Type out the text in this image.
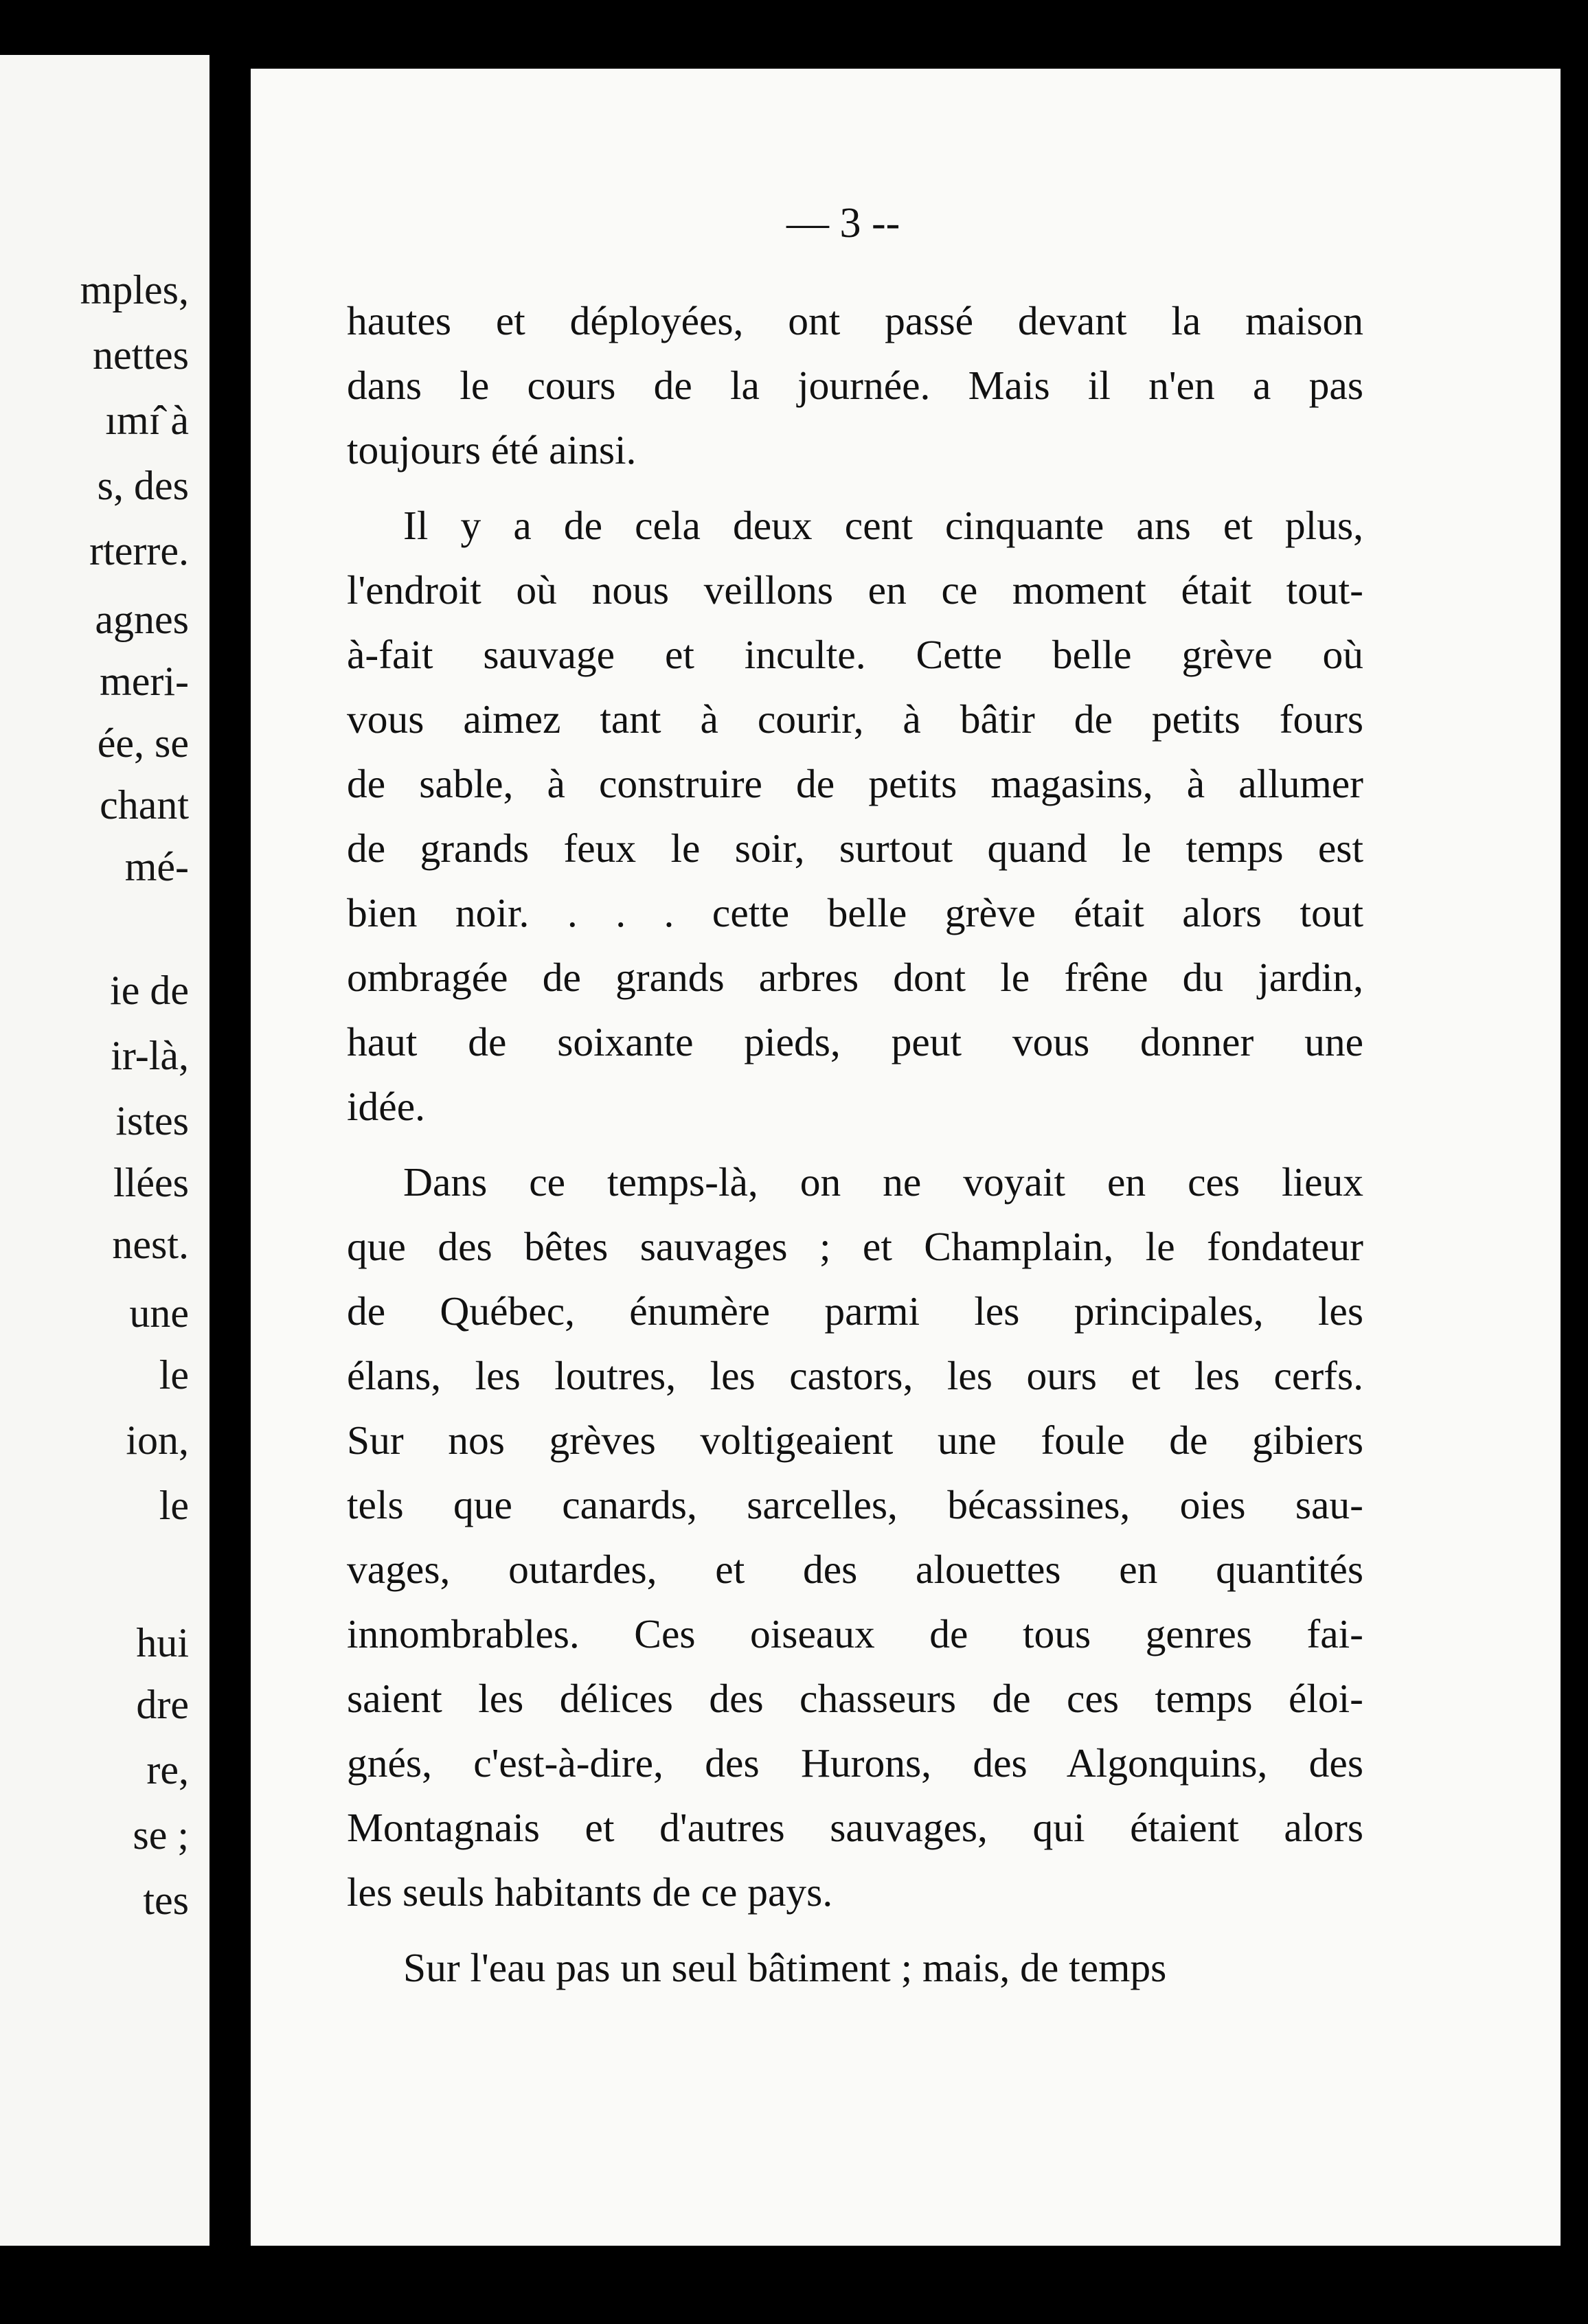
mples,
nettes
ımɪ̂ à
s, des
rterre.
agnes
meri-
ée, se
chant
mé-
ie de
ir-là,
istes
llées
nest.
une
le
ion,
le
hui
dre
re,
se ;
tes
— 3 --
hautes et déployées, ont passé devant la maison
dans le cours de la journée. Mais il n'en a pas
toujours été ainsi.
Il y a de cela deux cent cinquante ans et plus,
l'endroit où nous veillons en ce moment était tout-
à-fait sauvage et inculte. Cette belle grève où
vous aimez tant à courir, à bâtir de petits fours
de sable, à construire de petits magasins, à allumer
de grands feux le soir, surtout quand le temps est
bien noir. . . . cette belle grève était alors tout
ombragée de grands arbres dont le frêne du jardin,
haut de soixante pieds, peut vous donner une
idée.
Dans ce temps-là, on ne voyait en ces lieux
que des bêtes sauvages ; et Champlain, le fondateur
de Québec, énumère parmi les principales, les
élans, les loutres, les castors, les ours et les cerfs.
Sur nos grèves voltigeaient une foule de gibiers
tels que canards, sarcelles, bécassines, oies sau-
vages, outardes, et des alouettes en quantités
innombrables. Ces oiseaux de tous genres fai-
saient les délices des chasseurs de ces temps éloi-
gnés, c'est-à-dire, des Hurons, des Algonquins, des
Montagnais et d'autres sauvages, qui étaient alors
les seuls habitants de ce pays.
Sur l'eau pas un seul bâtiment ; mais, de temps
